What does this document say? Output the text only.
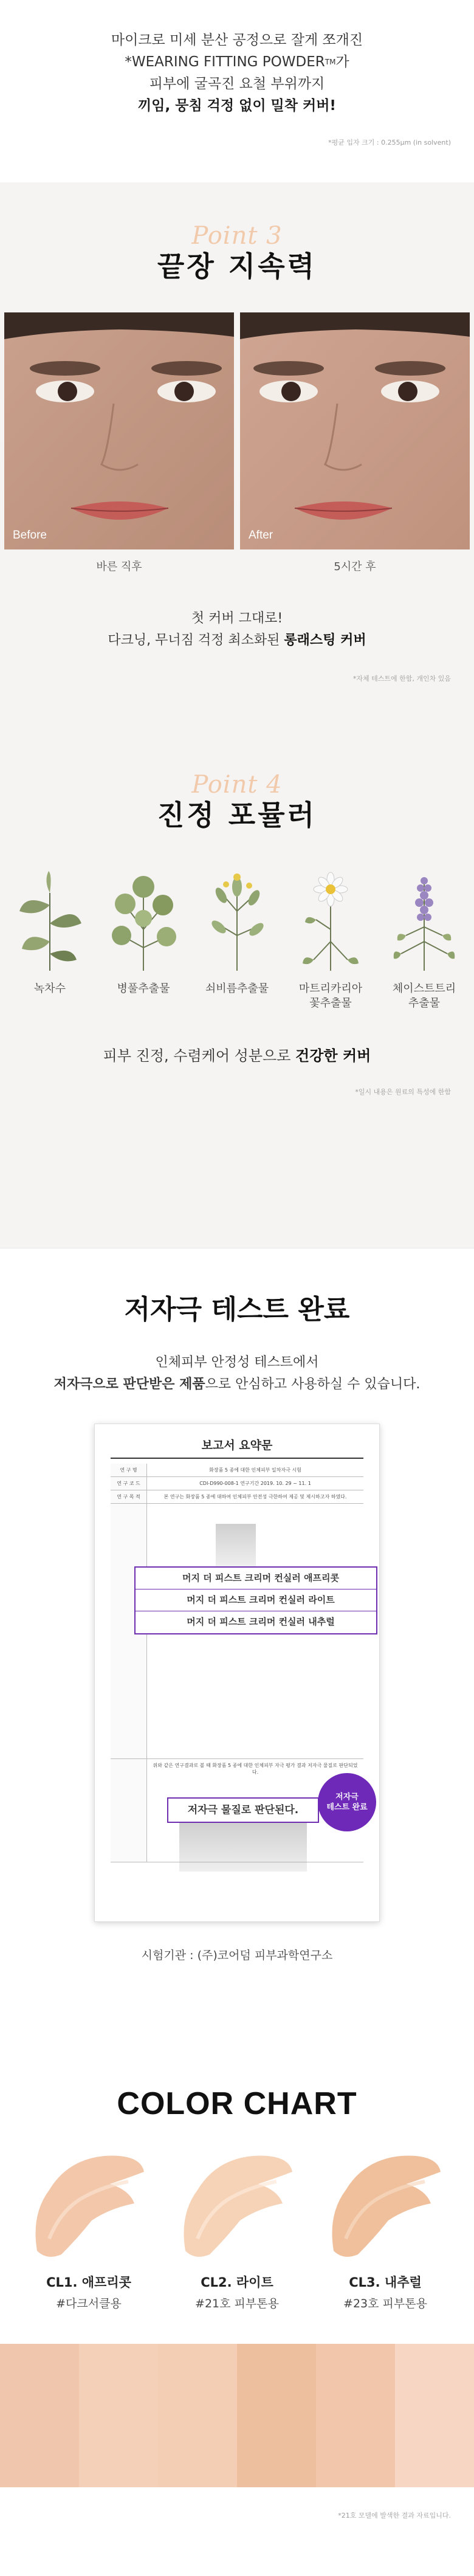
마이크로 미세 분산 공정으로 잘게 쪼개진

*WEARING FITTING POWDER™가

피부에 굴곡진 요철 부위까지

끼임, 뭉침 걱정 없이 밀착 커버!

*평균 입자 크기 : 0.255μm (in solvent)

Point 3
끝장 지속력
Before	After
바른 직후	5시간 후

첫 커버 그대로!

다크닝, 무너짐 걱정 최소화된 롱래스팅 커버

*자체 테스트에 한함, 개인차 있음

Point 4
진정 포뮬러

녹차수	병풀추출물	쇠비름추출물	마트리카리아
꽃추출물

체이스트트리
추출물

피부 진정, 수렴케어 성분으로 건강한 커버

*일시 내용은 원료의 특성에 한함

저자극 테스트 완료

인체피부 안정성 테스트에서

저자극으로 판단받은 제품으로 안심하고 사용하실 수 있습니다.

보고서 요약문
연 구 명	화장품 5 종에 대한 인체피부 일차자극 시험
연 구 코 드	CDI-D990-008-1 연구기간 2019. 10. 29 ~ 11. 1
연 구 목 적	본 연구는 화장품 5 종에 대하여 인체피부 안전성 극한하여 제공 및 제시하고자 하였다.
위와 같은 연구결과로 볼 때 화장품 5 종에 대한 인체피부 자극 평가 결과 저자극 물질로 판단되었다.
머지 더 피스트 크리머 컨실러 애프리콧
머지 더 피스트 크리머 컨실러 라이트
머지 더 피스트 크리머 컨실러 내추럴
저자극 물질로 판단된다.
저자극
테스트 완료

시험기관 : (주)코어덤 피부과학연구소

COLOR CHART

CL1. 애프리콧

#다크서클용

CL2. 라이트

#21호 피부톤용

CL3. 내추럴

#23호 피부톤용

*21호 모델에 발색한 결과 자료입니다.
